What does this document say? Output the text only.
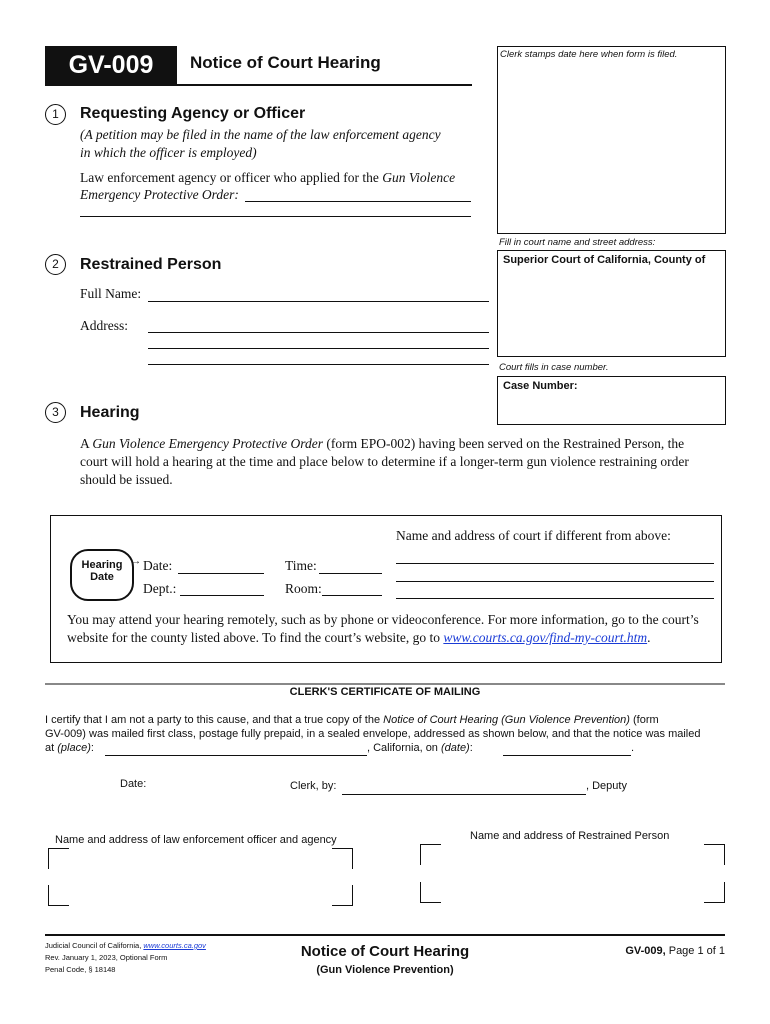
GV-009	Notice of Court Hearing	Clerk stamps date here when form is filed.
Fill in court name and street address:
Superior Court of California, County of
Court fills in case number.
Case Number:
1	Requesting Agency or Officer
(A petition may be filed in the name of the law enforcement agency
in which the officer is employed)
Law enforcement agency or officer who applied for the Gun Violence
Emergency Protective Order:
2	Restrained Person
Full Name:
Address:
3	Hearing
A Gun Violence Emergency Protective Order (form EPO-002) having been served on the Restrained Person, the
court will hold a hearing at the time and place below to determine if a longer-term gun violence restraining order
should be issued.
Name and address of court if different from above:
Hearing
Date
→ Date:	Time:
Dept.:	Room:
You may attend your hearing remotely, such as by phone or videoconference. For more information, go to the court’s
website for the county listed above. To find the court’s website, go to www.courts.ca.gov/find-my-court.htm.
CLERK'S CERTIFICATE OF MAILING
I certify that I am not a party to this cause, and that a true copy of the Notice of Court Hearing (Gun Violence Prevention) (form
GV-009) was mailed first class, postage fully prepaid, in a sealed envelope, addressed as shown below, and that the notice was mailed
at (place):	, California, on (date):	.
Date:	Clerk, by:	, Deputy
Name and address of law enforcement officer and agency	Name and address of Restrained Person
Judicial Council of California, www.courts.ca.gov
Rev. January 1, 2023, Optional Form
Penal Code, § 18148
Notice of Court Hearing
(Gun Violence Prevention)
GV-009, Page 1 of 1
